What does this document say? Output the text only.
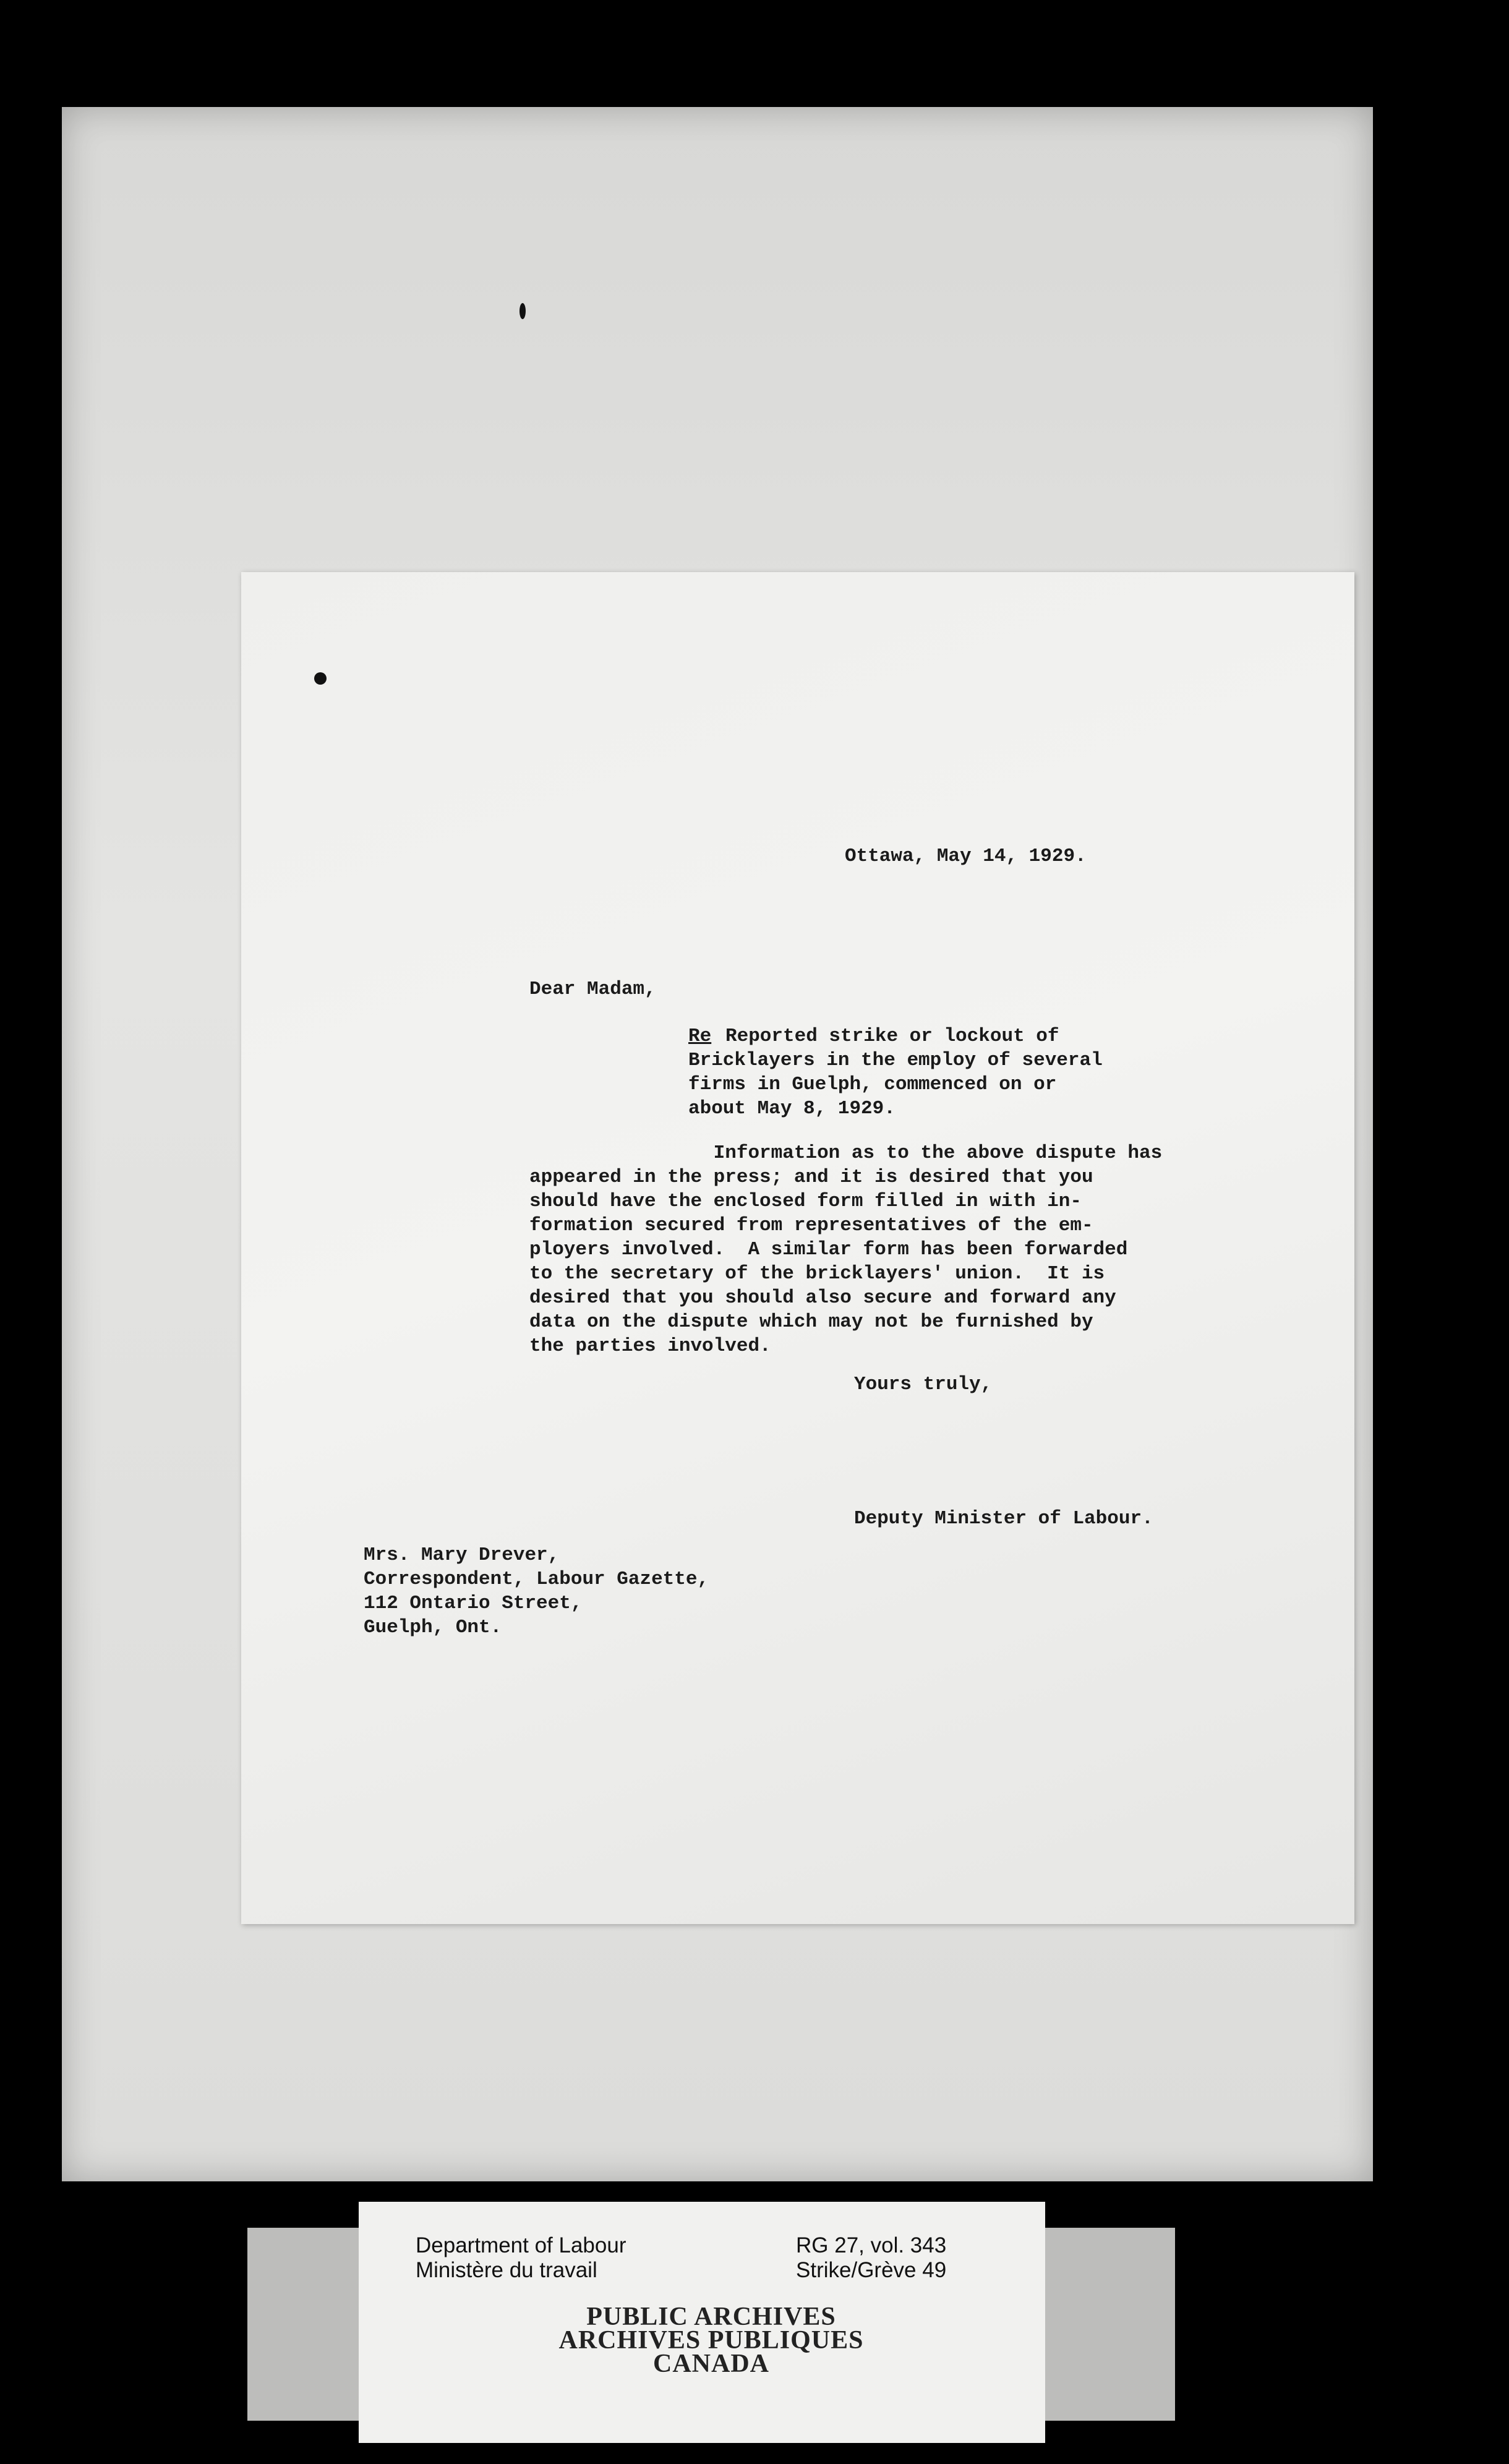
Ottawa, May 14, 1929.

Dear Madam,

Re Reported strike or lockout of

Bricklayers in the employ of several

firms in Guelph, commenced on or

about May 8, 1929.

Information as to the above dispute has

appeared in the press; and it is desired that you

should have the enclosed form filled in with in-

formation secured from representatives of the em-

ployers involved.  A similar form has been forwarded

to the secretary of the bricklayers' union.  It is

desired that you should also secure and forward any

data on the dispute which may not be furnished by

the parties involved.

Yours truly,

Deputy Minister of Labour.

Mrs. Mary Drever,

Correspondent, Labour Gazette,

112 Ontario Street,

Guelph, Ont.

Department of Labour
Ministère du travail
RG 27, vol. 343
Strike/Grève 49
PUBLIC ARCHIVES
ARCHIVES PUBLIQUES
CANADA
